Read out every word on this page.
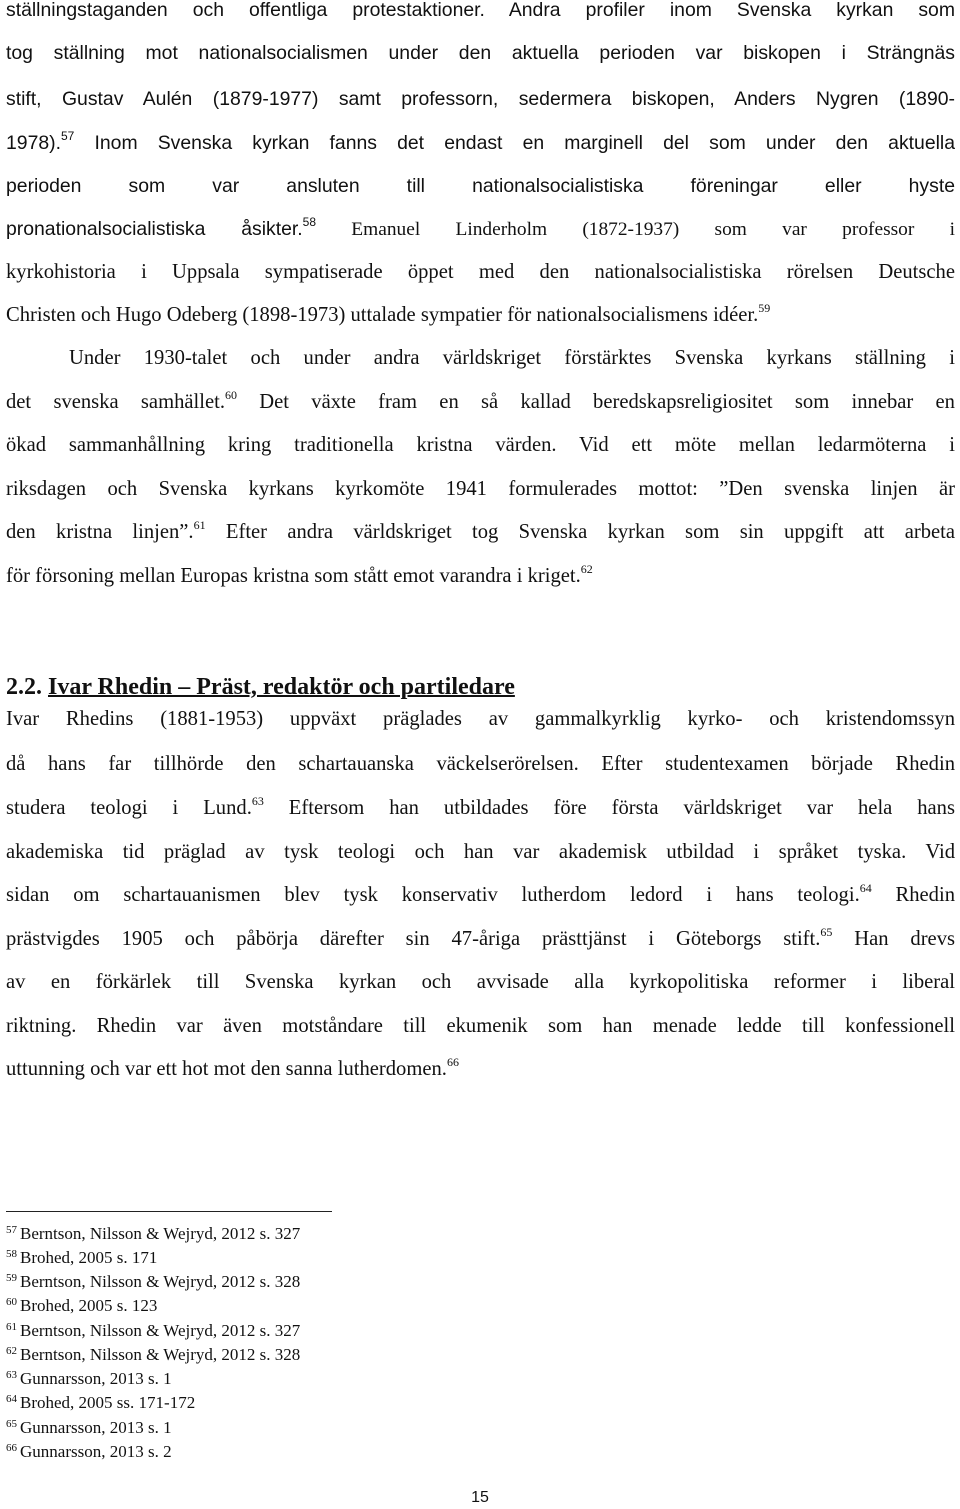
ställningstaganden och offentliga protestaktioner. Andra profiler inom Svenska kyrkan som
tog ställning mot nationalsocialismen under den aktuella perioden var biskopen i Strängnäs
stift, Gustav Aulén (1879-1977) samt professorn, sedermera biskopen, Anders Nygren (1890-
1978).$^{57}$ Inom Svenska kyrkan fanns det endast en marginell del som under den aktuella
perioden som var ansluten till nationalsocialistiska föreningar eller hyste
pronationalsocialistiska åsikter.$^{58}$ Emanuel Linderholm (1872-1937) som var professor i
kyrkohistoria i Uppsala sympatiserade öppet med den nationalsocialistiska rörelsen Deutsche
Christen och Hugo Odeberg (1898-1973) uttalade sympatier för nationalsocialismens idéer.$^{59}$
Under 1930-talet och under andra världskriget förstärktes Svenska kyrkans ställning i
det svenska samhället.$^{60}$ Det växte fram en så kallad beredskapsreligiositet som innebar en
ökad sammanhållning kring traditionella kristna värden. Vid ett möte mellan ledarmöterna i
riksdagen och Svenska kyrkans kyrkomöte 1941 formulerades mottot: ”Den svenska linjen är
den kristna linjen”.$^{61}$ Efter andra världskriget tog Svenska kyrkan som sin uppgift att arbeta
för försoning mellan Europas kristna som stått emot varandra i kriget.$^{62}$
2.2. Ivar Rhedin – Präst, redaktör och partiledare
Ivar Rhedins (1881-1953) uppväxt präglades av gammalkyrklig kyrko- och kristendomssyn
då hans far tillhörde den schartauanska väckelserörelsen. Efter studentexamen började Rhedin
studera teologi i Lund.$^{63}$ Eftersom han utbildades före första världskriget var hela hans
akademiska tid präglad av tysk teologi och han var akademisk utbildad i språket tyska. Vid
sidan om schartauanismen blev tysk konservativ lutherdom ledord i hans teologi.$^{64}$ Rhedin
prästvigdes 1905 och påbörja därefter sin 47-åriga prästtjänst i Göteborgs stift.$^{65}$ Han drevs
av en förkärlek till Svenska kyrkan och avvisade alla kyrkopolitiska reformer i liberal
riktning. Rhedin var även motståndare till ekumenik som han menade ledde till konfessionell
uttunning och var ett hot mot den sanna lutherdomen.$^{66}$
$^{57}$ Berntson, Nilsson & Wejryd, 2012 s. 327
$^{58}$ Brohed, 2005 s. 171
$^{59}$ Berntson, Nilsson & Wejryd, 2012 s. 328
$^{60}$ Brohed, 2005 s. 123
$^{61}$ Berntson, Nilsson & Wejryd, 2012 s. 327
$^{62}$ Berntson, Nilsson & Wejryd, 2012 s. 328
$^{63}$ Gunnarsson, 2013 s. 1
$^{64}$ Brohed, 2005 ss. 171-172
$^{65}$ Gunnarsson, 2013 s. 1
$^{66}$ Gunnarsson, 2013 s. 2
15
